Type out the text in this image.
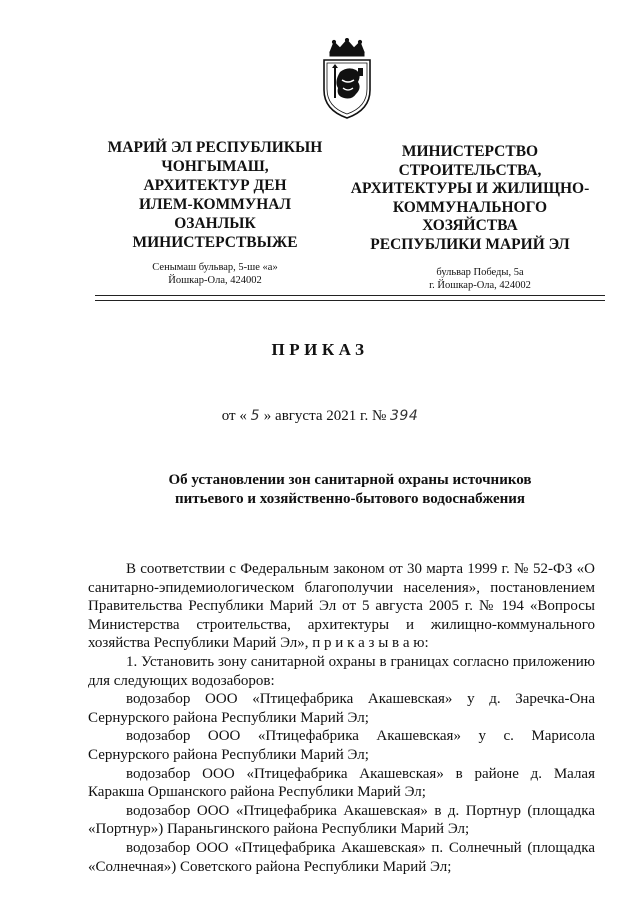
МАРИЙ ЭЛ РЕСПУБЛИКЫН
ЧОНГЫМАШ,
АРХИТЕКТУР ДЕН
ИЛЕМ-КОММУНАЛ
ОЗАНЛЫК
МИНИСТЕРСТВЫЖЕ
МИНИСТЕРСТВО
СТРОИТЕЛЬСТВА,
АРХИТЕКТУРЫ И ЖИЛИЩНО-
КОММУНАЛЬНОГО
ХОЗЯЙСТВА
РЕСПУБЛИКИ МАРИЙ ЭЛ
Сенымаш бульвар, 5-ше «а»
Йошкар-Ола, 424002
бульвар Победы, 5а
г. Йошкар-Ола, 424002
ПРИКАЗ
от « 5 » августа 2021 г. № 394
Об установлении зон санитарной охраны источников
питьевого и хозяйственно-бытового водоснабжения

В соответствии с Федеральным законом от 30 марта 1999 г. № 52-ФЗ «О санитарно-эпидемиологическом благополучии населения», постановлением Правительства Республики Марий Эл от 5 августа 2005 г. № 194 «Вопросы Министерства строительства, архитектуры и жилищно-коммунального хозяйства Республики Марий Эл», п р и к а з ы в а ю:

1. Установить зону санитарной охраны в границах согласно приложению для следующих водозаборов:

водозабор ООО «Птицефабрика Акашевская» у д. Заречка-Она Сернурского района Республики Марий Эл;

водозабор ООО «Птицефабрика Акашевская» у с. Марисола Сернурского района Республики Марий Эл;

водозабор ООО «Птицефабрика Акашевская» в районе д. Малая Каракша Оршанского района Республики Марий Эл;

водозабор ООО «Птицефабрика Акашевская» в д. Портнур (площадка «Портнур») Параньгинского района Республики Марий Эл;

водозабор ООО «Птицефабрика Акашевская» п. Солнечный (площадка «Солнечная») Советского района Республики Марий Эл;
